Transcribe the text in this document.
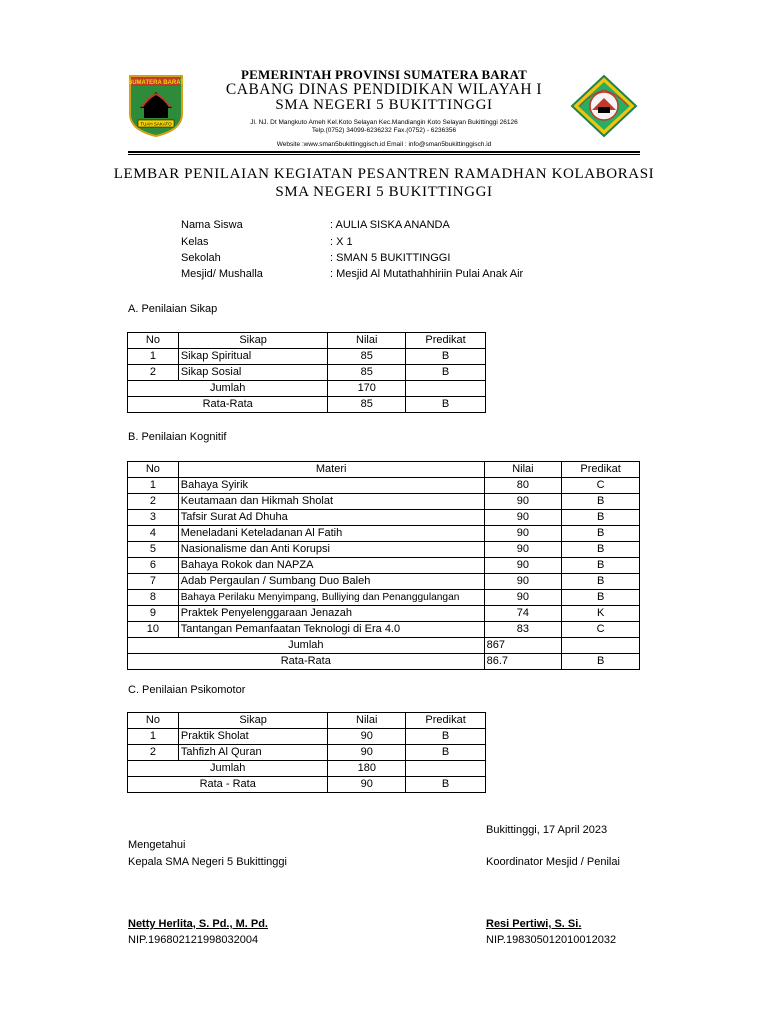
SUMATERA BARAT
TUAH SAKATO
PEMERINTAH PROVINSI SUMATERA BARAT
CABANG DINAS PENDIDIKAN WILAYAH I
SMA NEGERI 5 BUKITTINGGI
Jl. NJ. Dt Mangkuto Ameh Kel.Koto Selayan Kec.Mandiangin Koto Selayan Bukittinggi 26126
Telp.(0752) 34099-6236232 Fax.(0752) - 6236356
Website :www.sman5bukittinggisch.id Email : info@sman5bukittinggisch.id
LEMBAR PENILAIAN KEGIATAN PESANTREN RAMADHAN KOLABORASI
SMA NEGERI 5 BUKITTINGGI
Nama Siswa	: AULIA SISKA ANANDA
Kelas	: X 1
Sekolah	: SMAN 5 BUKITTINGGI
Mesjid/ Mushalla	: Mesjid Al Mutathahhiriin Pulai Anak Air
A. Penilaian Sikap
No	Sikap	Nilai	Predikat
1	Sikap Spiritual	85	B
2	Sikap Sosial	85	B
Jumlah		170	
Rata-Rata		85	B
B. Penilaian Kognitif
No	Materi	Nilai	Predikat
1	Bahaya Syirik	80	C
2	Keutamaan dan Hikmah Sholat	90	B
3	Tafsir Surat Ad Dhuha	90	B
4	Meneladani Keteladanan Al Fatih	90	B
5	Nasionalisme dan Anti Korupsi	90	B
6	Bahaya Rokok dan NAPZA	90	B
7	Adab Pergaulan / Sumbang Duo Baleh	90	B
8	Bahaya Perilaku Menyimpang, Bulliying dan Penanggulangan	90	B
9	Praktek Penyelenggaraan Jenazah	74	K
10	Tantangan Pemanfaatan Teknologi di Era 4.0	83	C
Jumlah		867	
Rata-Rata		86.7	B
C. Penilaian Psikomotor
No	Sikap	Nilai	Predikat
1	Praktik Sholat	90	B
2	Tahfizh Al Quran	90	B
Jumlah		180	
Rata - Rata		90	B
Bukittinggi, 17 April 2023
Mengetahui
Kepala SMA Negeri 5 Bukittinggi	Koordinator Mesjid / Penilai
Netty Herlita, S. Pd., M. Pd.
NIP.196802121998032004
Resi Pertiwi, S. Si.
NIP.198305012010012032
